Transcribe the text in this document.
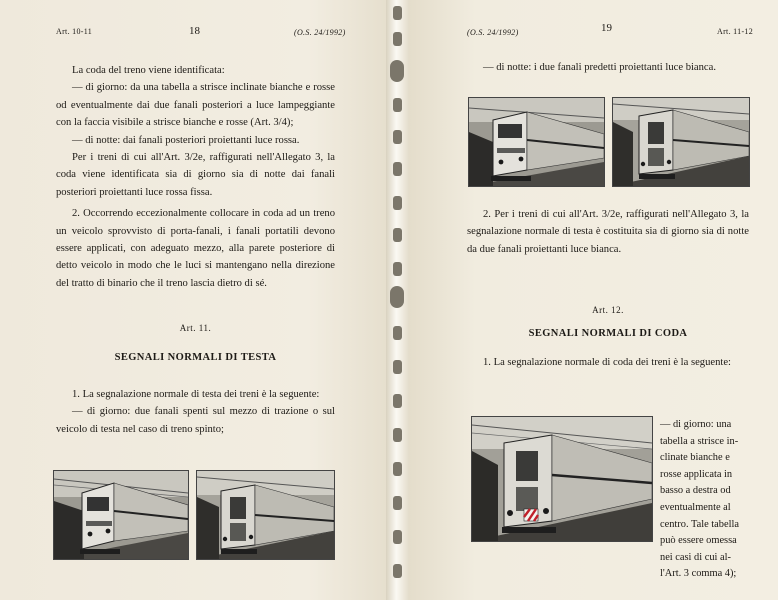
Art. 10-11	18	(O.S. 24/1992)

La coda del treno viene identificata:

— di giorno: da una tabella a strisce inclinate bianche e rosse od eventualmente dai due fanali posteriori a luce lampeggiante con la faccia visibile a strisce bianche e rosse (Art. 3/4);

— di notte: dai fanali posteriori proiettanti luce rossa.

Per i treni di cui all'Art. 3/2e, raffigurati nell'Allegato 3, la coda viene identificata sia di giorno sia di notte dai fanali posteriori proiettanti luce rossa fissa.

2. Occorrendo eccezionalmente collocare in coda ad un treno un veicolo sprovvisto di porta-fanali, i fanali portatili devono essere applicati, con adeguato mezzo, alla parete posteriore di detto veicolo in modo che le luci si mantengano nella direzione del tratto di binario che il treno lascia dietro di sé.

Art. 11.
SEGNALI NORMALI DI TESTA

1. La segnalazione normale di testa dei treni è la seguente:

— di giorno: due fanali spenti sul mezzo di trazione o sul veicolo di testa nel caso di treno spinto;

(O.S. 24/1992)	19	Art. 11-12

— di notte: i due fanali predetti proiettanti luce bianca.

2. Per i treni di cui all'Art. 3/2e, raffigurati nell'Allegato 3, la segnalazione normale di testa è costituita sia di giorno sia di notte da due fanali proiettanti luce bianca.

Art. 12.
SEGNALI NORMALI DI CODA

1. La segnalazione normale di coda dei treni è la seguente:

— di giorno: una
tabella a strisce in-
clinate bianche e
rosse applicata in
basso a destra od
eventualmente al
centro. Tale tabella
può essere omessa
nei casi di cui al-
l'Art. 3 comma 4);
